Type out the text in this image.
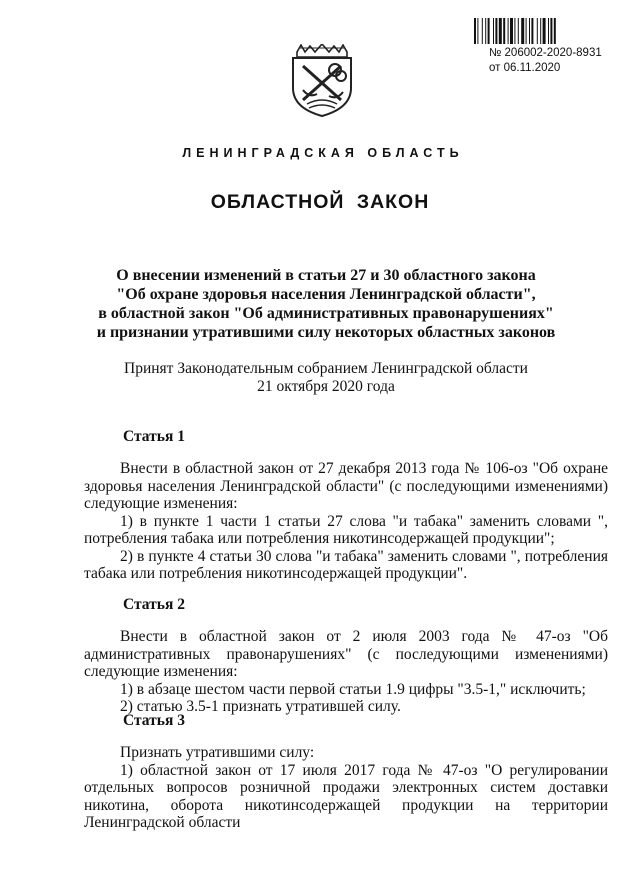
№ 206002-2020-8931
от 06.11.2020
ЛЕНИНГРАДСКАЯ ОБЛАСТЬ
ОБЛАСТНОЙ ЗАКОН
О внесении изменений в статьи 27 и 30 областного закона
"Об охране здоровья населения Ленинградской области",
в областной закон "Об административных правонарушениях"
и признании утратившими силу некоторых областных законов
Принят Законодательным собранием Ленинградской области
21 октября 2020 года
Статья 1

Внести в областной закон от 27 декабря 2013 года № 106-оз "Об охране здоровья населения Ленинградской области" (с последующими изменениями) следующие изменения:

1) в пункте 1 части 1 статьи 27 слова "и табака" заменить словами ", потребления табака или потребления никотинсодержащей продукции";

2) в пункте 4 статьи 30 слова "и табака" заменить словами ", потребления табака или потребления никотинсодержащей продукции".

Статья 2

Внести в областной закон от 2 июля 2003 года № 47-оз "Об административных правонарушениях" (с последующими изменениями) следующие изменения:

1) в абзаце шестом части первой статьи 1.9 цифры "3.5-1," исключить;

2) статью 3.5-1 признать утратившей силу.

Статья 3

Признать утратившими силу:

1) областной закон от 17 июля 2017 года № 47-оз "О регулировании отдельных вопросов розничной продажи электронных систем доставки никотина, оборота никотинсодержащей продукции на территории Ленинградской области
